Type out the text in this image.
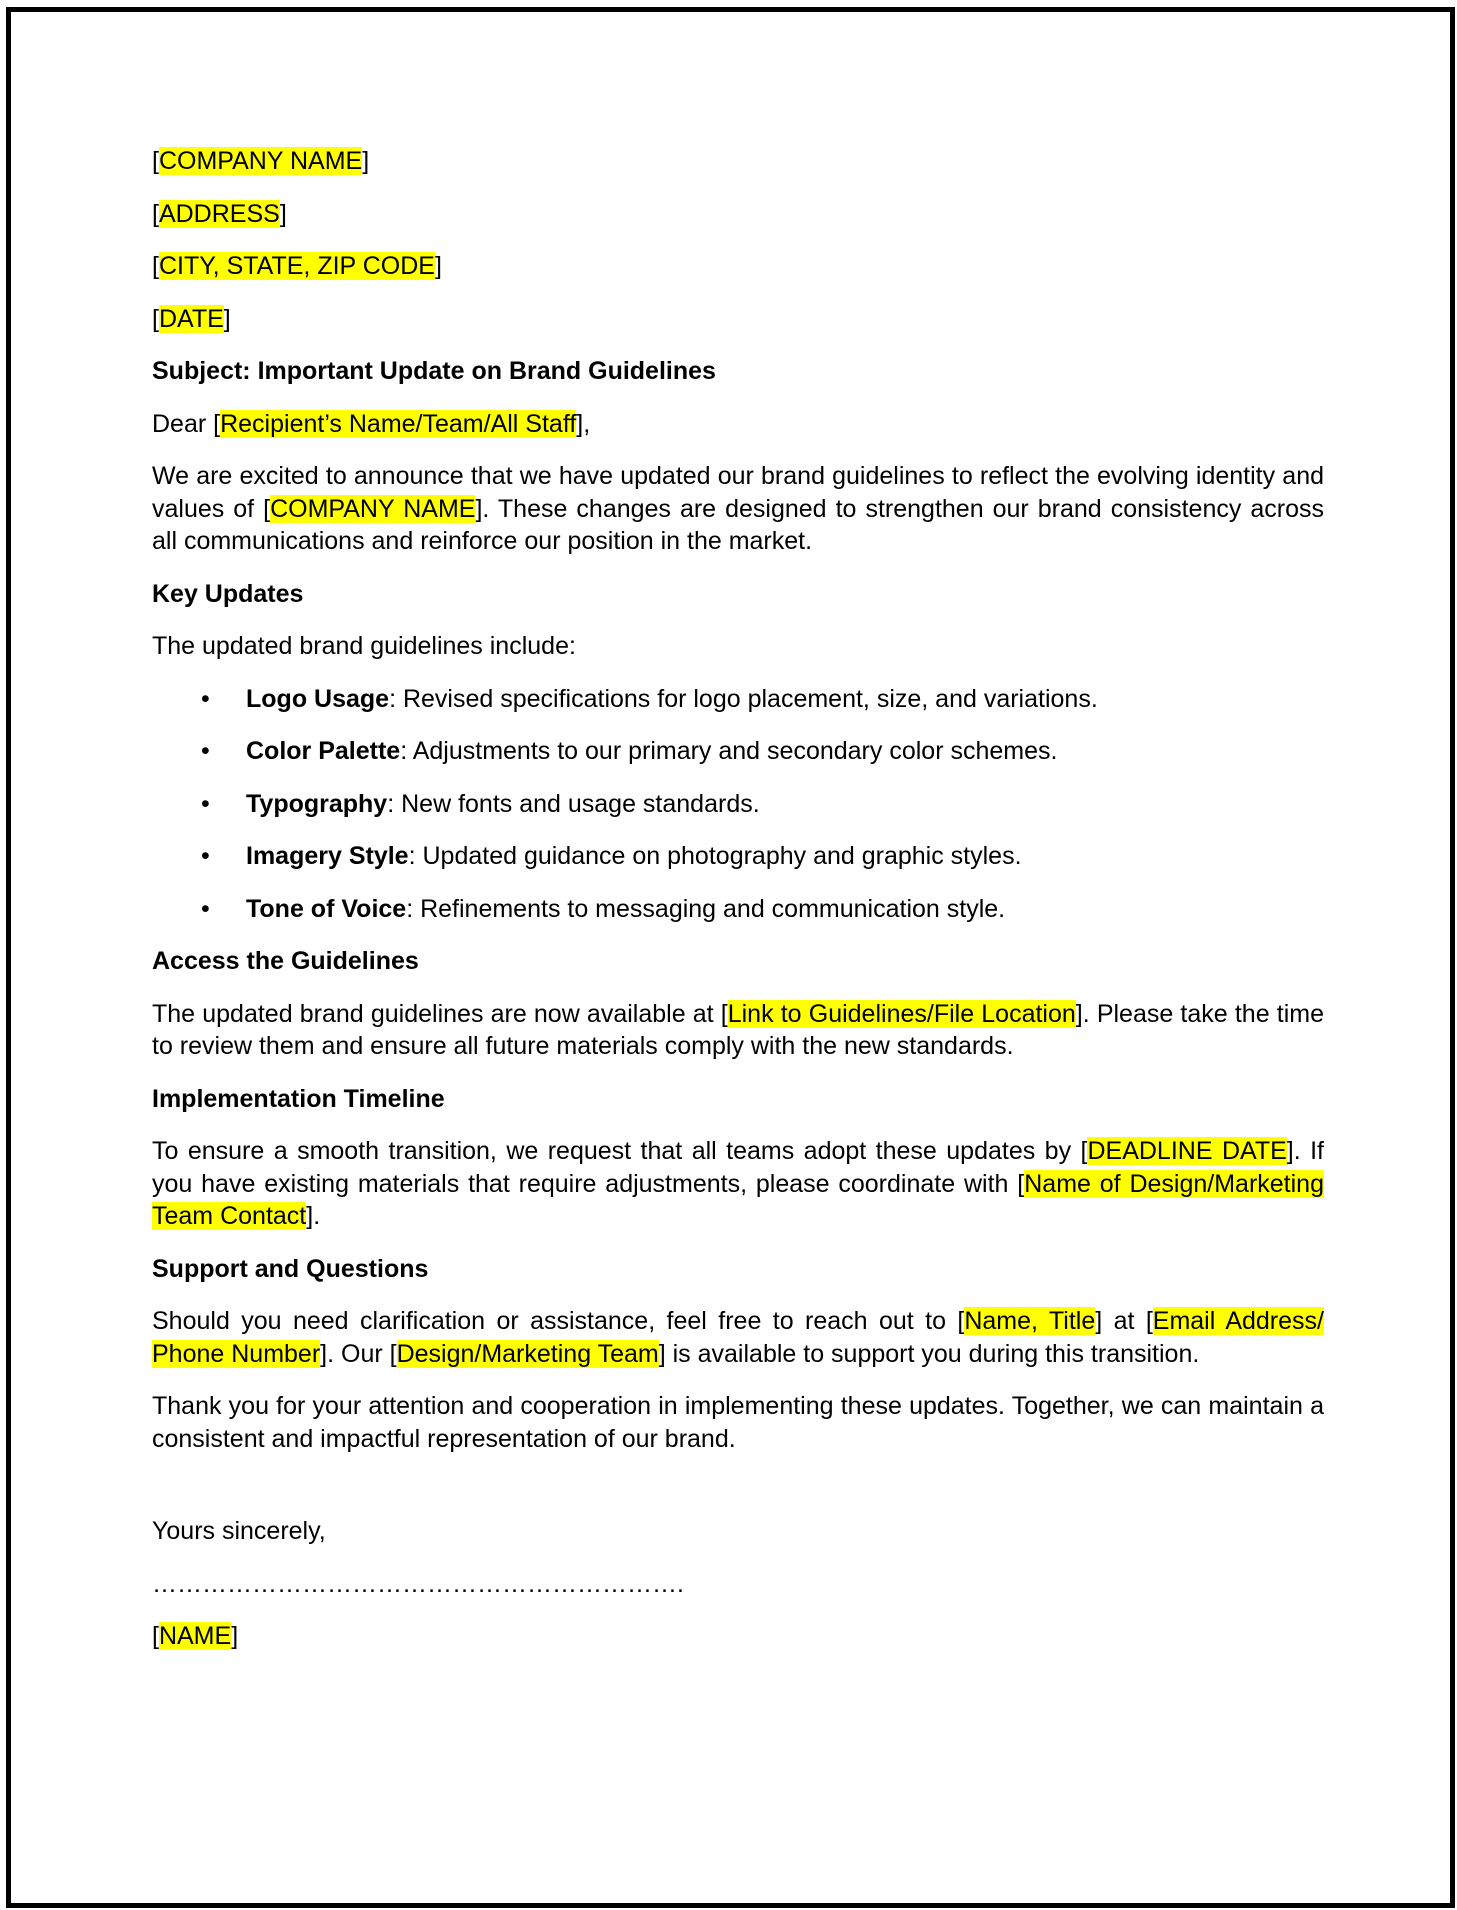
[COMPANY NAME]
[ADDRESS]
[CITY, STATE, ZIP CODE]
[DATE]
Subject: Important Update on Brand Guidelines
Dear [Recipient’s Name/Team/All Staff],
We are excited to announce that we have updated our brand guidelines to reflect the evolving identity and values of [COMPANY NAME]. These changes are designed to strengthen our brand consistency across all communications and reinforce our position in the market.
Key Updates
The updated brand guidelines include:
• Logo Usage: Revised specifications for logo placement, size, and variations.
• Color Palette: Adjustments to our primary and secondary color schemes.
• Typography: New fonts and usage standards.
• Imagery Style: Updated guidance on photography and graphic styles.
• Tone of Voice: Refinements to messaging and communication style.
Access the Guidelines
The updated brand guidelines are now available at [Link to Guidelines/File Location]. Please take the time to review them and ensure all future materials comply with the new standards.
Implementation Timeline
To ensure a smooth transition, we request that all teams adopt these updates by [DEADLINE DATE]. If you have existing materials that require adjustments, please coordinate with [Name of Design/Marketing Team Contact].
Support and Questions
Should you need clarification or assistance, feel free to reach out to [Name, Title] at [Email Address/ Phone Number]. Our [Design/Marketing Team] is available to support you during this transition.
Thank you for your attention and cooperation in implementing these updates. Together, we can maintain a consistent and impactful representation of our brand.
Yours sincerely,
……………………………………………………….
[NAME]
